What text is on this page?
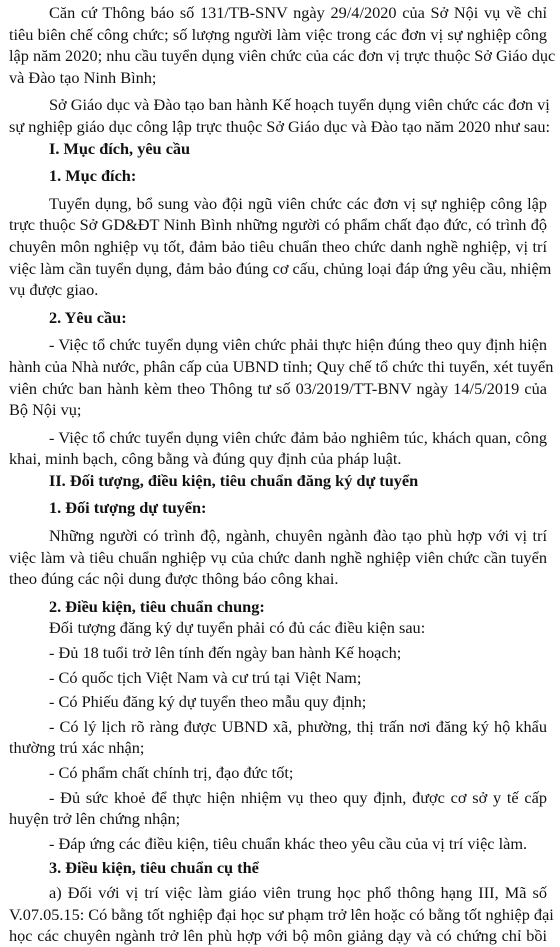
Căn cứ Thông báo số 131/TB-SNV ngày 29/4/2020 của Sở Nội vụ về chỉ
tiêu biên chế công chức; số lượng người làm việc trong các đơn vị sự nghiệp công
lập năm 2020; nhu cầu tuyển dụng viên chức của các đơn vị trực thuộc Sở Giáo dục
và Đào tạo Ninh Bình;
Sở Giáo dục và Đào tạo ban hành Kế hoạch tuyển dụng viên chức các đơn vị
sự nghiệp giáo dục công lập trực thuộc Sở Giáo dục và Đào tạo năm 2020 như sau:
I. Mục đích, yêu cầu
1. Mục đích:
Tuyển dụng, bổ sung vào đội ngũ viên chức các đơn vị sự nghiệp công lập
trực thuộc Sở GD&ĐT Ninh Bình những người có phẩm chất đạo đức, có trình độ
chuyên môn nghiệp vụ tốt, đảm bảo tiêu chuẩn theo chức danh nghề nghiệp, vị trí
việc làm cần tuyển dụng, đảm bảo đúng cơ cấu, chủng loại đáp ứng yêu cầu, nhiệm
vụ được giao.
2. Yêu cầu:
- Việc tổ chức tuyển dụng viên chức phải thực hiện đúng theo quy định hiện
hành của Nhà nước, phân cấp của UBND tỉnh; Quy chế tổ chức thi tuyển, xét tuyển
viên chức ban hành kèm theo Thông tư số 03/2019/TT-BNV ngày 14/5/2019 của
Bộ Nội vụ;
- Việc tổ chức tuyển dụng viên chức đảm bảo nghiêm túc, khách quan, công
khai, minh bạch, công bằng và đúng quy định của pháp luật.
II. Đối tượng, điều kiện, tiêu chuẩn đăng ký dự tuyển
1. Đối tượng dự tuyển:
Những người có trình độ, ngành, chuyên ngành đào tạo phù hợp với vị trí
việc làm và tiêu chuẩn nghiệp vụ của chức danh nghề nghiệp viên chức cần tuyển
theo đúng các nội dung được thông báo công khai.
2. Điều kiện, tiêu chuẩn chung:
Đối tượng đăng ký dự tuyển phải có đủ các điều kiện sau:
- Đủ 18 tuổi trở lên tính đến ngày ban hành Kế hoạch;
- Có quốc tịch Việt Nam và cư trú tại Việt Nam;
- Có Phiếu đăng ký dự tuyển theo mẫu quy định;
- Có lý lịch rõ ràng được UBND xã, phường, thị trấn nơi đăng ký hộ khẩu
thường trú xác nhận;
- Có phẩm chất chính trị, đạo đức tốt;
- Đủ sức khoẻ để thực hiện nhiệm vụ theo quy định, được cơ sở y tế cấp
huyện trở lên chứng nhận;
- Đáp ứng các điều kiện, tiêu chuẩn khác theo yêu cầu của vị trí việc làm.
3. Điều kiện, tiêu chuẩn cụ thể
a) Đối với vị trí việc làm giáo viên trung học phổ thông hạng III, Mã số
V.07.05.15: Có bằng tốt nghiệp đại học sư phạm trở lên hoặc có bằng tốt nghiệp đại
học các chuyên ngành trở lên phù hợp với bộ môn giảng dạy và có chứng chỉ bồi
